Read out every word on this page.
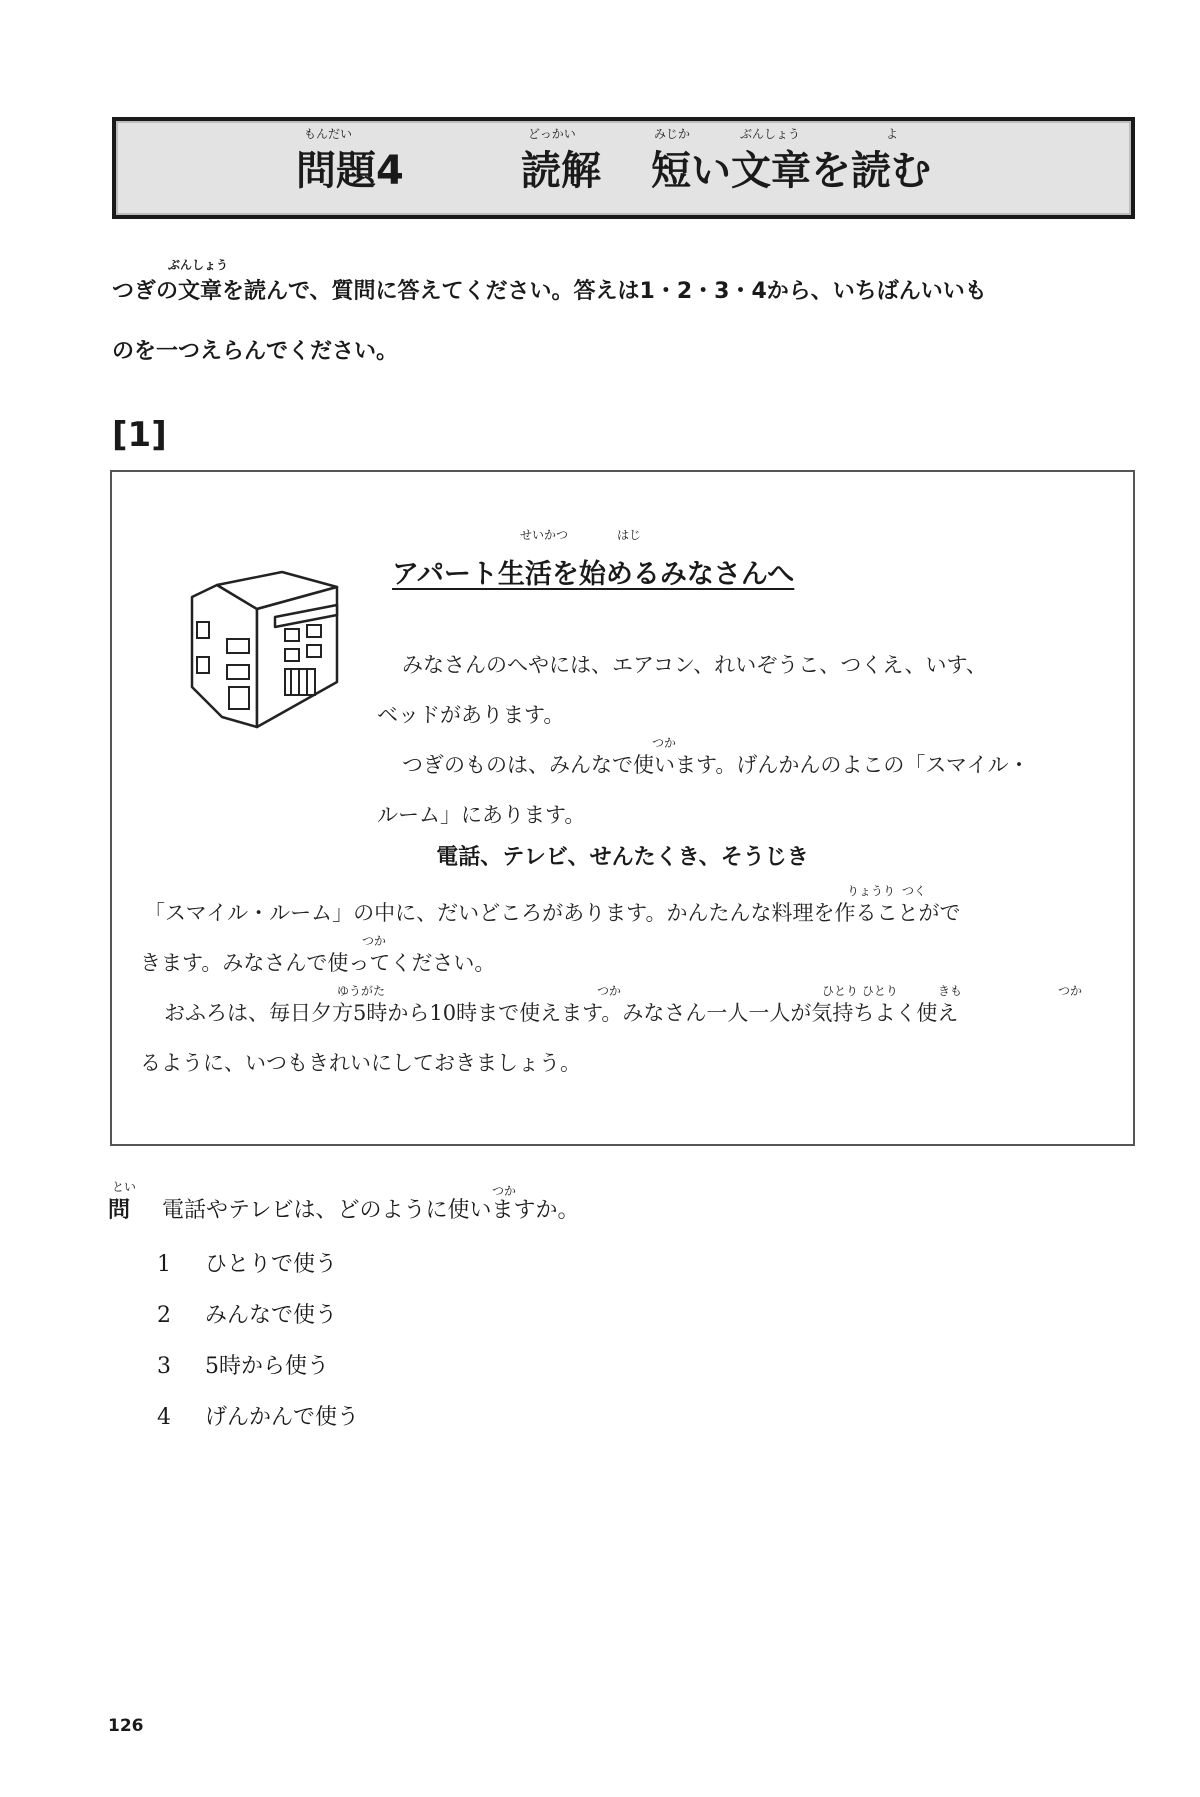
もんだい
問題4
どっかい
読解
みじか	ぶんしょう	よ
短い文章を読む
ぶんしょう
つぎの文章を読んで、質問に答えてください。答えは1・2・3・4から、いちばんいいも
のを一つえらんでください。
[1]
せいかつ	はじ
アパート生活を始めるみなさんへ
みなさんのへやには、エアコン、れいぞうこ、つくえ、いす、
ベッドがあります。
つか
つぎのものは、みんなで使います。げんかんのよこの「スマイル・
ルーム」にあります。
電話、テレビ、せんたくき、そうじき
りょうり つく
「スマイル・ルーム」の中に、だいどころがあります。かんたんな料理を作ることがで
つか
きます。みなさんで使ってください。
ゆうがた	つか	ひとり ひとり	きも	つか
おふろは、毎日夕方5時から10時まで使えます。みなさん一人一人が気持ちよく使え
るように、いつもきれいにしておきましょう。
とい
問
つか
電話やテレビは、どのように使いますか。
1 ひとりで使う
2 みんなで使う
3 5時から使う
4 げんかんで使う
126
